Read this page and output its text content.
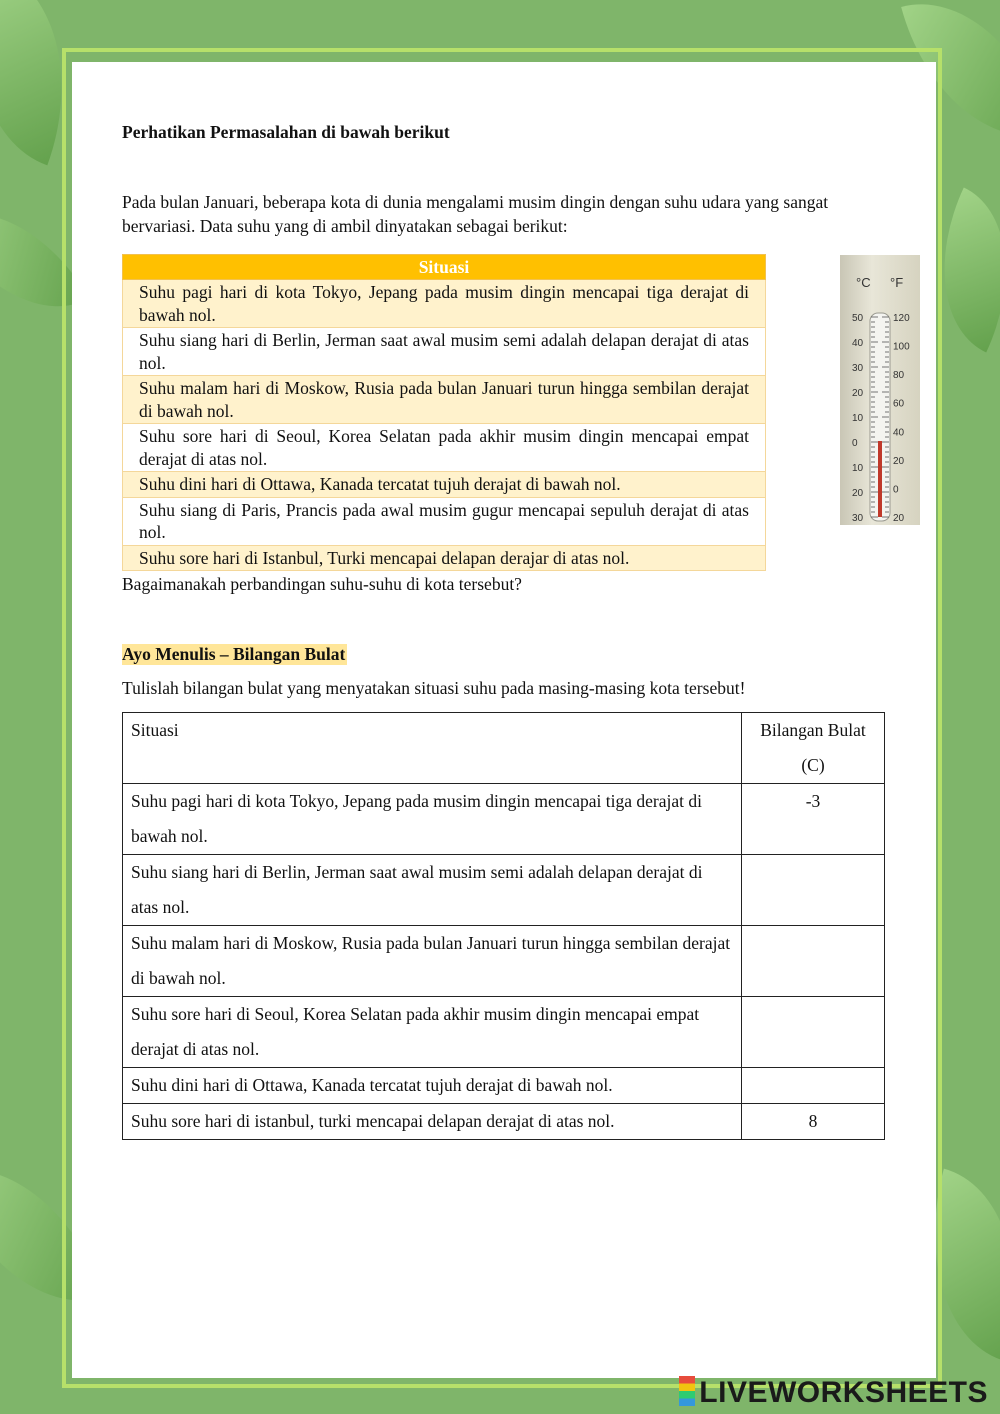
Perhatikan Permasalahan di bawah berikut
Pada bulan Januari, beberapa kota di dunia mengalami musim dingin dengan suhu udara yang sangat bervariasi. Data suhu yang di ambil dinyatakan sebagai berikut:
Situasi
Suhu pagi hari di kota Tokyo, Jepang pada musim dingin mencapai tiga derajat di bawah nol.
Suhu siang hari di Berlin, Jerman saat awal musim semi adalah delapan derajat di atas nol.
Suhu malam hari di Moskow, Rusia pada bulan Januari turun hingga sembilan derajat di bawah nol.
Suhu sore hari di Seoul, Korea Selatan pada akhir musim dingin mencapai empat derajat di atas nol.
Suhu dini hari di Ottawa, Kanada tercatat tujuh derajat di bawah nol.
Suhu siang di Paris, Prancis pada awal musim gugur mencapai sepuluh derajat di atas nol.
Suhu sore hari di Istanbul, Turki mencapai delapan derajar di atas nol.
°C °F
50
40
30
20
10
0
10
20
30
120
100
80
60
40
20
0
20
Bagaimanakah perbandingan suhu-suhu di kota tersebut?
Ayo Menulis – Bilangan Bulat
Tulislah bilangan bulat yang menyatakan situasi suhu pada masing-masing kota tersebut!
Situasi	Bilangan Bulat (C)
Suhu pagi hari di kota Tokyo, Jepang pada musim dingin mencapai tiga derajat di bawah nol.	-3
Suhu siang hari di Berlin, Jerman saat awal musim semi adalah delapan derajat di atas nol.	
Suhu malam hari di Moskow, Rusia pada bulan Januari turun hingga sembilan derajat di bawah nol.	
Suhu sore hari di Seoul, Korea Selatan pada akhir musim dingin mencapai empat derajat di atas nol.	
Suhu dini hari di Ottawa, Kanada tercatat tujuh derajat di bawah nol.	
Suhu sore hari di istanbul, turki mencapai delapan derajat di atas nol.	8
LIVEWORKSHEETS
